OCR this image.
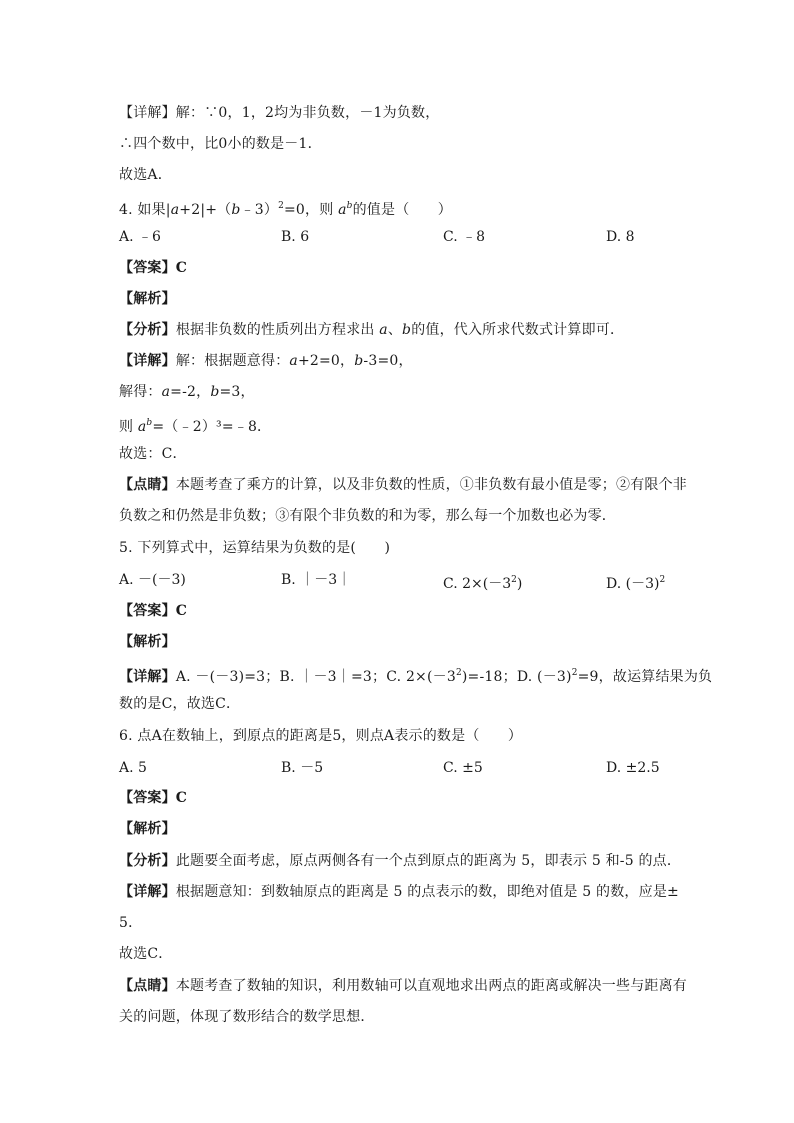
【详解】解：∵0，1，2均为非负数，－1为负数，
∴四个数中，比0小的数是－1．
故选A．
4. 如果|a+2|+（b﹣3）$^2$=0，则 $a^b$的值是（　　）
A. ﹣6	B. 6	C. ﹣8	D. 8
【答案】C
【解析】
【分析】根据非负数的性质列出方程求出 a、b的值，代入所求代数式计算即可．
【详解】解：根据题意得：a+2=0，b-3=0，
解得：a=-2，b=3，
则 $a^b=(﹣2)^3=﹣8$．
故选：C．
【点睛】本题考查了乘方的计算，以及非负数的性质，①非负数有最小值是零；②有限个非
负数之和仍然是非负数；③有限个非负数的和为零，那么每一个加数也必为零．
5. 下列算式中，运算结果为负数的是(　　)
A. －(－3)	B. ｜－3｜	C. $2\times(-3^2)$	D. $(-3)^2$
【答案】C
【解析】
【详解】A. －(－3)=3；B. ｜－3｜=3；C. $2\times(-3^2)=-18$；D. $(-3)^2=9$，故运算结果为负
数的是C，故选C．
6. 点A在数轴上，到原点的距离是5，则点A表示的数是（　　）
A. 5	B. －5	C. ±5	D. ±2.5
【答案】C
【解析】
【分析】此题要全面考虑，原点两侧各有一个点到原点的距离为 5，即表示 5 和-5 的点．
【详解】根据题意知：到数轴原点的距离是 5 的点表示的数，即绝对值是 5 的数，应是±
5．
故选C．
【点睛】本题考查了数轴的知识，利用数轴可以直观地求出两点的距离或解决一些与距离有
关的问题，体现了数形结合的数学思想．
